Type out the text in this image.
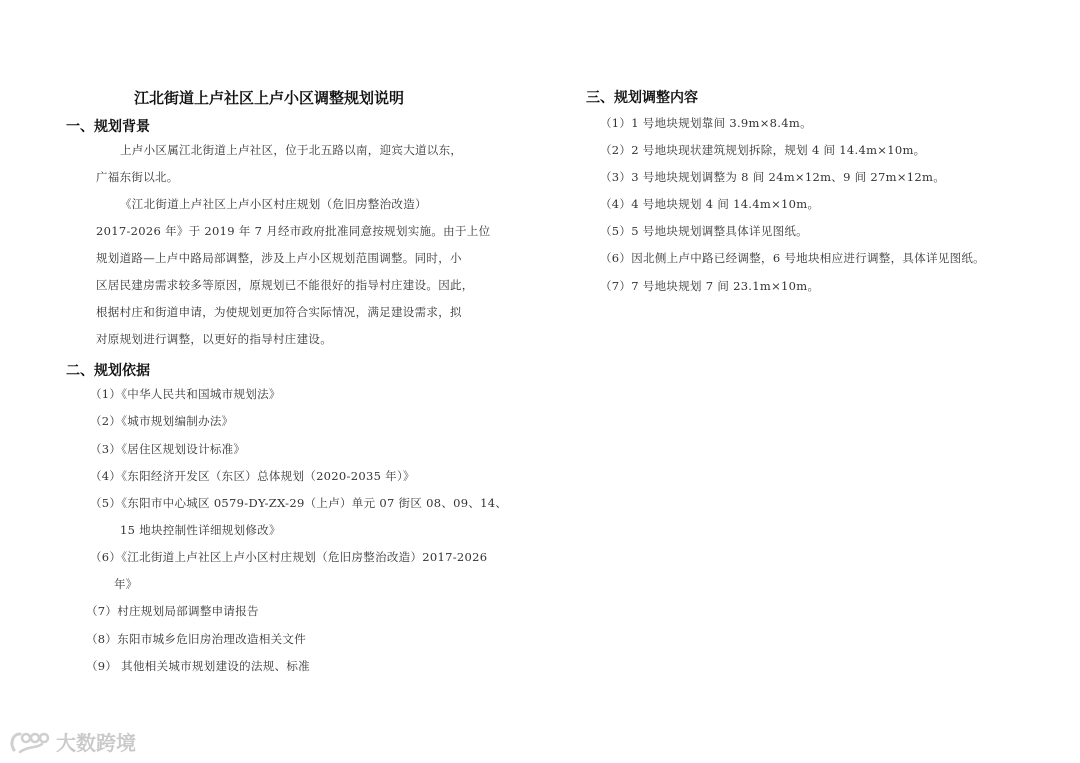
江北街道上卢社区上卢小区调整规划说明
一、规划背景
上卢小区属江北街道上卢社区，位于北五路以南，迎宾大道以东，
广福东街以北。
《江北街道上卢社区上卢小区村庄规划（危旧房整治改造）
2017-2026 年》于 2019 年 7 月经市政府批准同意按规划实施。由于上位
规划道路—上卢中路局部调整，涉及上卢小区规划范围调整。同时，小
区居民建房需求较多等原因，原规划已不能很好的指导村庄建设。因此，
根据村庄和街道申请，为使规划更加符合实际情况，满足建设需求，拟
对原规划进行调整，以更好的指导村庄建设。
二、规划依据
（1）《中华人民共和国城市规划法》
（2）《城市规划编制办法》
（3）《居住区规划设计标准》
（4）《东阳经济开发区（东区）总体规划（2020-2035 年）》
（5）《东阳市中心城区 0579-DY-ZX-29（上卢）单元 07 街区 08、09、14、
15 地块控制性详细规划修改》
（6）《江北街道上卢社区上卢小区村庄规划（危旧房整治改造）2017-2026
年》
（7）村庄规划局部调整申请报告
（8）东阳市城乡危旧房治理改造相关文件
（9） 其他相关城市规划建设的法规、标准
三、规划调整内容
（1）1 号地块规划靠间 3.9m×8.4m。
（2）2 号地块现状建筑规划拆除，规划 4 间 14.4m×10m。
（3）3 号地块规划调整为 8 间 24m×12m、9 间 27m×12m。
（4）4 号地块规划 4 间 14.4m×10m。
（5）5 号地块规划调整具体详见图纸。
（6）因北侧上卢中路已经调整，6 号地块相应进行调整，具体详见图纸。
（7）7 号地块规划 7 间 23.1m×10m。
大数跨境
